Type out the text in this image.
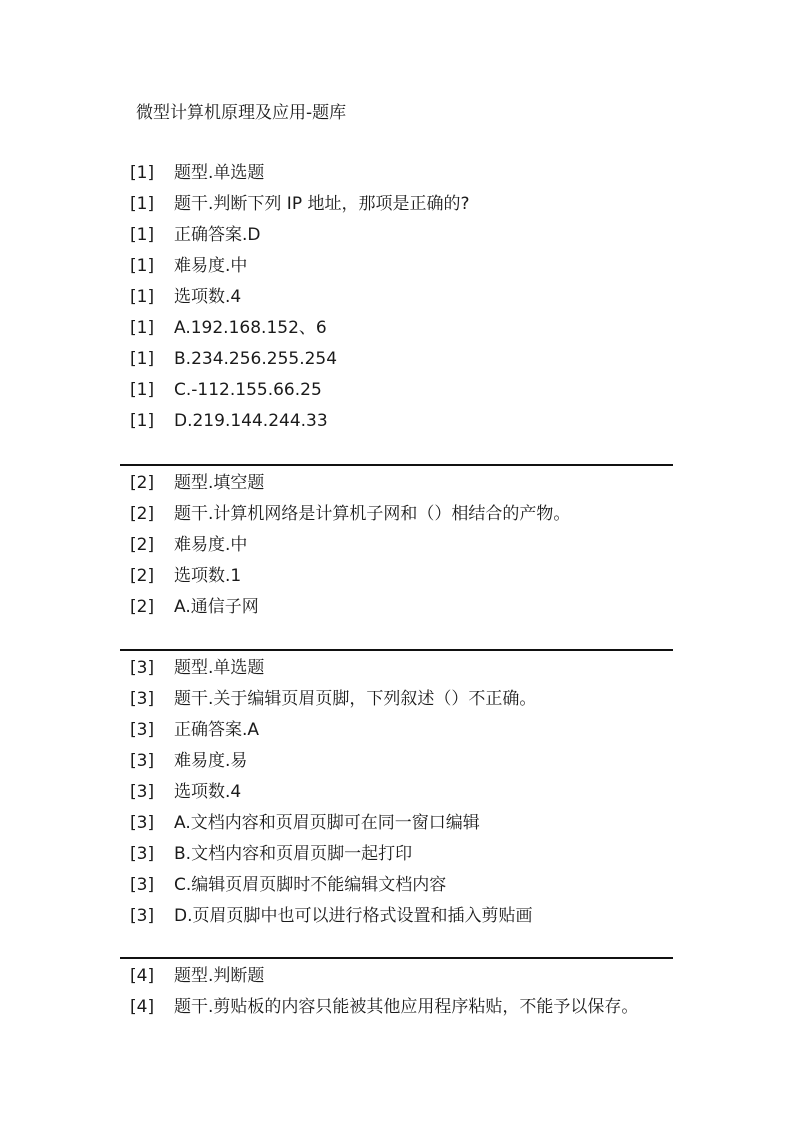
微型计算机原理及应用-题库
[1] 题型.单选题
[1] 题干.判断下列 IP 地址，那项是正确的?
[1] 正确答案.D
[1] 难易度.中
[1] 选项数.4
[1] A.192.168.152、6
[1] B.234.256.255.254
[1] C.-112.155.66.25
[1] D.219.144.244.33
[2] 题型.填空题
[2] 题干.计算机网络是计算机子网和（）相结合的产物。
[2] 难易度.中
[2] 选项数.1
[2] A.通信子网
[3] 题型.单选题
[3] 题干.关于编辑页眉页脚，下列叙述（）不正确。
[3] 正确答案.A
[3] 难易度.易
[3] 选项数.4
[3] A.文档内容和页眉页脚可在同一窗口编辑
[3] B.文档内容和页眉页脚一起打印
[3] C.编辑页眉页脚时不能编辑文档内容
[3] D.页眉页脚中也可以进行格式设置和插入剪贴画
[4] 题型.判断题
[4] 题干.剪贴板的内容只能被其他应用程序粘贴，不能予以保存。
